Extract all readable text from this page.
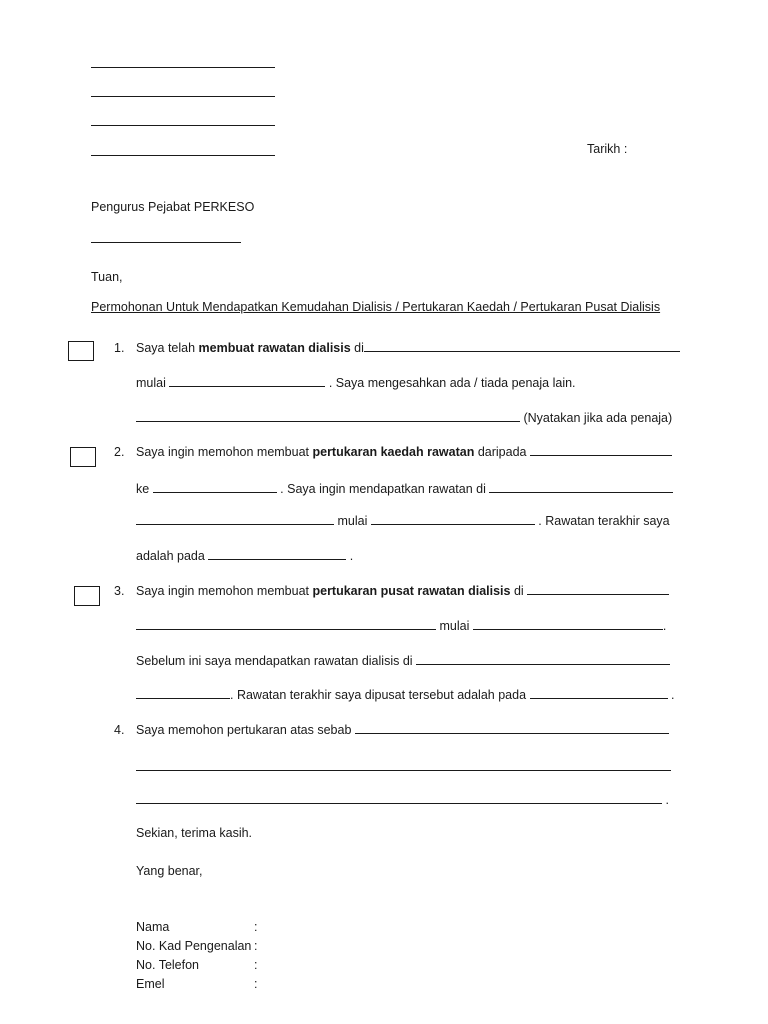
Tarikh :
Pengurus Pejabat PERKESO
Tuan,
Permohonan Untuk Mendapatkan Kemudahan Dialisis / Pertukaran Kaedah / Pertukaran Pusat Dialisis
1. Saya telah membuat rawatan dialisis di
mulai	. Saya mengesahkan ada / tiada penaja lain.
(Nyatakan jika ada penaja)
2. Saya ingin memohon membuat pertukaran kaedah rawatan daripada
ke	. Saya ingin mendapatkan rawatan di
mulai	. Rawatan terakhir saya
adalah pada	.
3. Saya ingin memohon membuat pertukaran pusat rawatan dialisis di
mulai	.
Sebelum ini saya mendapatkan rawatan dialisis di
. Rawatan terakhir saya dipusat tersebut adalah pada	.
4. Saya memohon pertukaran atas sebab
.
Sekian, terima kasih.
Yang benar,
Nama	:
No. Kad Pengenalan :
No. Telefon	:
Emel	:
